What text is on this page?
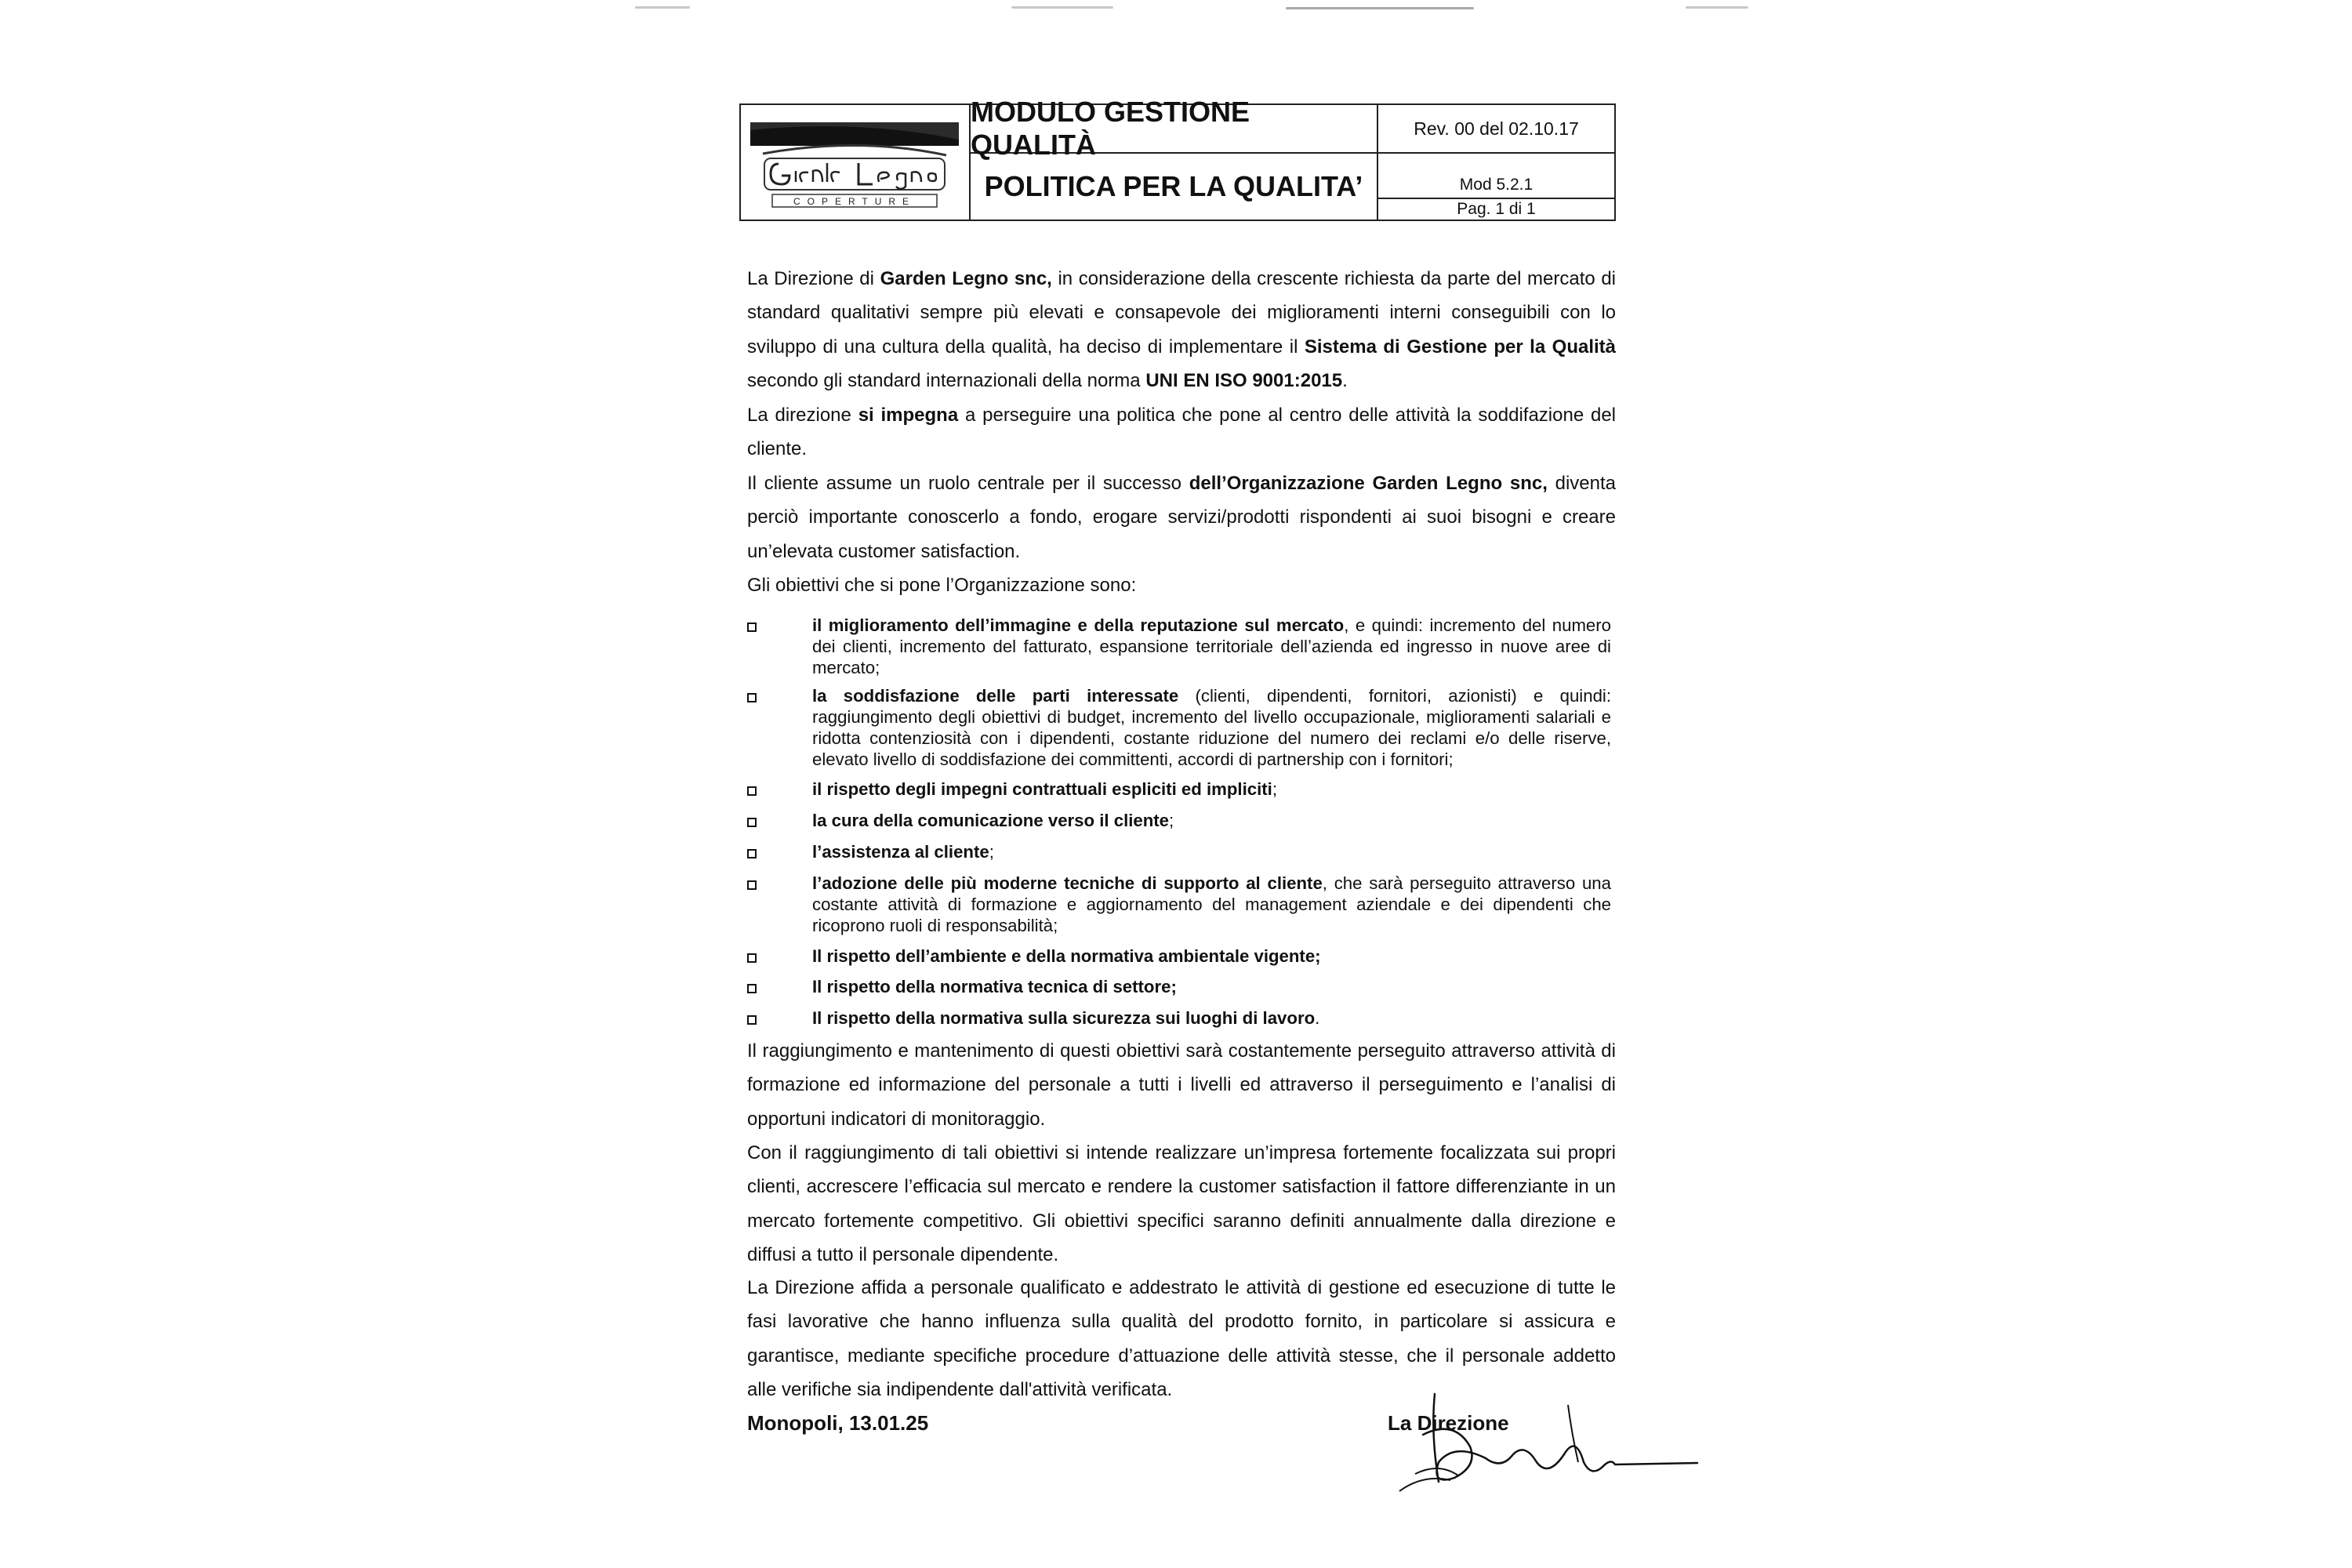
COPERTURE
MODULO GESTIONE QUALITÀ
POLITICA PER LA QUALITA’
Rev. 00 del 02.10.17
Mod 5.2.1
Pag. 1 di 1

La Direzione di Garden Legno snc, in considerazione della crescente richiesta da parte del mercato di standard qualitativi sempre più elevati e consapevole dei miglioramenti interni conseguibili con lo sviluppo di una cultura della qualità, ha deciso di implementare il Sistema di Gestione per la Qualità secondo gli standard internazionali della norma UNI EN ISO 9001:2015.

La direzione si impegna a perseguire una politica che pone al centro delle attività la soddifazione del cliente.

Il cliente assume un ruolo centrale per il successo dell’Organizzazione Garden Legno snc, diventa perciò importante conoscerlo a fondo, erogare servizi/prodotti rispondenti ai suoi bisogni e creare un’elevata customer satisfaction.

Gli obiettivi che si pone l’Organizzazione sono:

il miglioramento dell’immagine e della reputazione sul mercato, e quindi: incremento del numero dei clienti, incremento del fatturato, espansione territoriale dell’azienda ed ingresso in nuove aree di mercato;
la soddisfazione delle parti interessate (clienti, dipendenti, fornitori, azionisti) e quindi: raggiungimento degli obiettivi di budget, incremento del livello occupazionale, miglioramenti salariali e ridotta contenziosità con i dipendenti, costante riduzione del numero dei reclami e/o delle riserve, elevato livello di soddisfazione dei committenti, accordi di partnership con i fornitori;
il rispetto degli impegni contrattuali espliciti ed impliciti;
la cura della comunicazione verso il cliente;
l’assistenza al cliente;
l’adozione delle più moderne tecniche di supporto al cliente, che sarà perseguito attraverso una costante attività di formazione e aggiornamento del management aziendale e dei dipendenti che ricoprono ruoli di responsabilità;
Il rispetto dell’ambiente e della normativa ambientale vigente;
Il rispetto della normativa tecnica di settore;
Il rispetto della normativa sulla sicurezza sui luoghi di lavoro.

Il raggiungimento e mantenimento di questi obiettivi sarà costantemente perseguito attraverso attività di formazione ed informazione del personale a tutti i livelli ed attraverso il perseguimento e l’analisi di opportuni indicatori di monitoraggio.

Con il raggiungimento di tali obiettivi si intende realizzare un’impresa fortemente focalizzata sui propri clienti, accrescere l’efficacia sul mercato e rendere la customer satisfaction il fattore differenziante in un mercato fortemente competitivo. Gli obiettivi specifici saranno definiti annualmente dalla direzione e diffusi a tutto il personale dipendente.

La Direzione affida a personale qualificato e addestrato le attività di gestione ed esecuzione di tutte le fasi lavorative che hanno influenza sulla qualità del prodotto fornito, in particolare si assicura e garantisce, mediante specifiche procedure d’attuazione delle attività stesse, che il personale addetto alle verifiche sia indipendente dall'attività verificata.

Monopoli, 13.01.25	La Direzione
